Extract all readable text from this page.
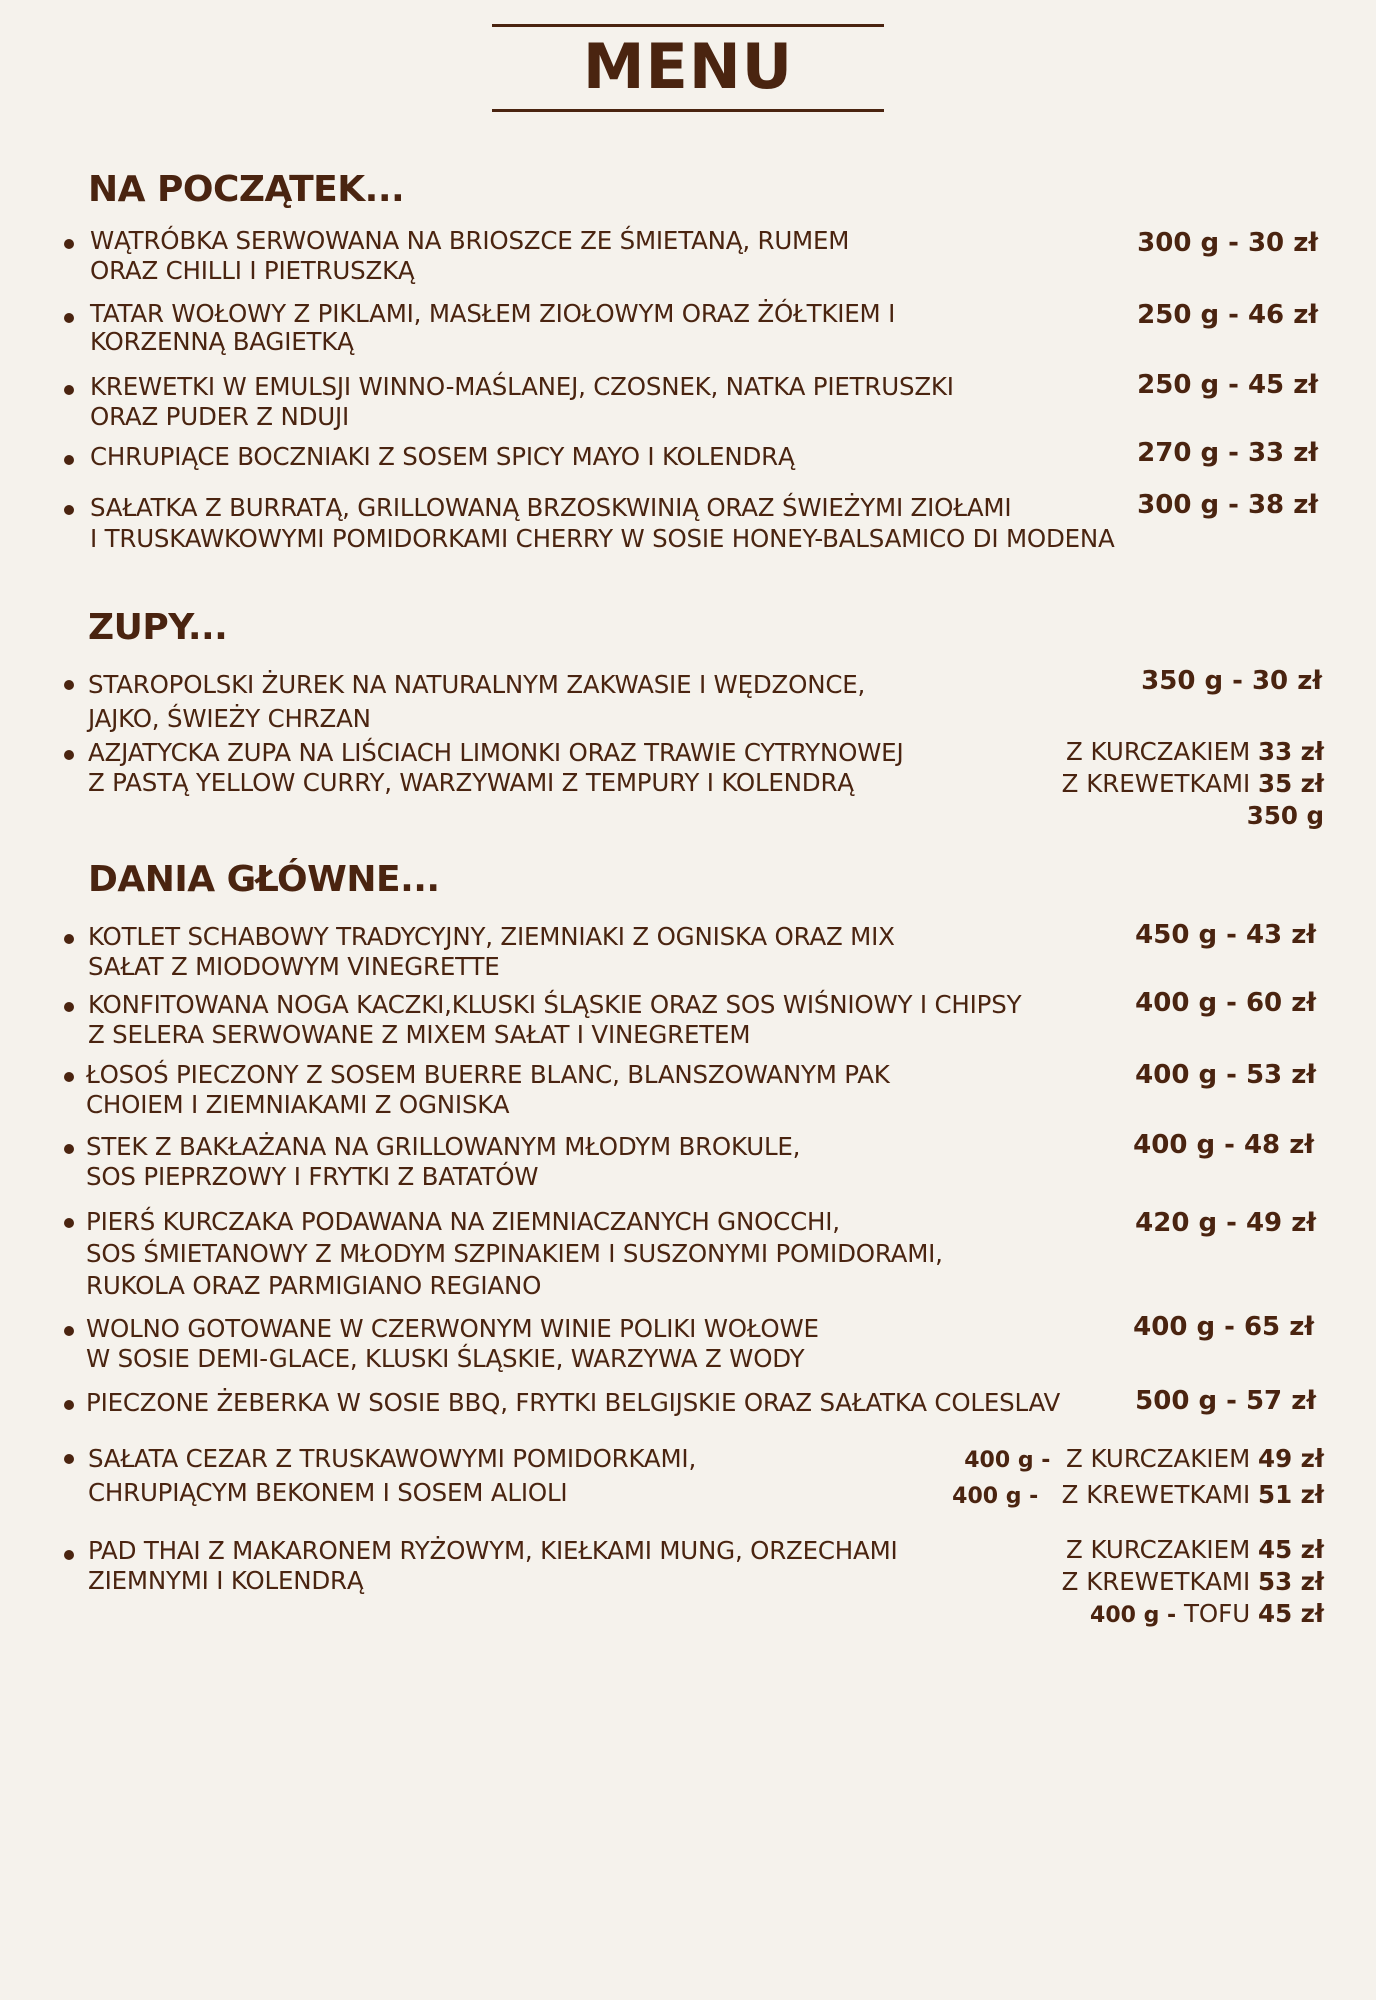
MENU
NA POCZĄTEK...
WĄTRÓBKA SERWOWANA NA BRIOSZCE ZE ŚMIETANĄ, RUMEM
ORAZ CHILLI I PIETRUSZKĄ
300 g - 30 zł
TATAR WOŁOWY Z PIKLAMI, MASŁEM ZIOŁOWYM ORAZ ŻÓŁTKIEM I
KORZENNĄ BAGIETKĄ
250 g - 46 zł
KREWETKI W EMULSJI WINNO-MAŚLANEJ, CZOSNEK, NATKA PIETRUSZKI
ORAZ PUDER Z NDUJI
250 g - 45 zł
CHRUPIĄCE BOCZNIAKI Z SOSEM SPICY MAYO I KOLENDRĄ	270 g - 33 zł
SAŁATKA Z BURRATĄ, GRILLOWANĄ BRZOSKWINIĄ ORAZ ŚWIEŻYMI ZIOŁAMI
I TRUSKAWKOWYMI POMIDORKAMI CHERRY W SOSIE HONEY-BALSAMICO DI MODENA
300 g - 38 zł
ZUPY...
STAROPOLSKI ŻUREK NA NATURALNYM ZAKWASIE I WĘDZONCE,
JAJKO, ŚWIEŻY CHRZAN
350 g - 30 zł
AZJATYCKA ZUPA NA LIŚCIACH LIMONKI ORAZ TRAWIE CYTRYNOWEJ
Z PASTĄ YELLOW CURRY, WARZYWAMI Z TEMPURY I KOLENDRĄ
Z KURCZAKIEM 33 zł
Z KREWETKAMI 35 zł
350 g
DANIA GŁÓWNE...
KOTLET SCHABOWY TRADYCYJNY, ZIEMNIAKI Z OGNISKA ORAZ MIX
SAŁAT Z MIODOWYM VINEGRETTE
450 g - 43 zł
KONFITOWANA NOGA KACZKI,KLUSKI ŚLĄSKIE ORAZ SOS WIŚNIOWY I CHIPSY
Z SELERA SERWOWANE Z MIXEM SAŁAT I VINEGRETEM
400 g - 60 zł
ŁOSOŚ PIECZONY Z SOSEM BUERRE BLANC, BLANSZOWANYM PAK
CHOIEM I ZIEMNIAKAMI Z OGNISKA
400 g - 53 zł
STEK Z BAKŁAŻANA NA GRILLOWANYM MŁODYM BROKULE,
SOS PIEPRZOWY I FRYTKI Z BATATÓW
400 g - 48 zł
PIERŚ KURCZAKA PODAWANA NA ZIEMNIACZANYCH GNOCCHI,
SOS ŚMIETANOWY Z MŁODYM SZPINAKIEM I SUSZONYMI POMIDORAMI,
RUKOLA ORAZ PARMIGIANO REGIANO
420 g - 49 zł
WOLNO GOTOWANE W CZERWONYM WINIE POLIKI WOŁOWE
W SOSIE DEMI-GLACE, KLUSKI ŚLĄSKIE, WARZYWA Z WODY
400 g - 65 zł
PIECZONE ŻEBERKA W SOSIE BBQ, FRYTKI BELGIJSKIE ORAZ SAŁATKA COLESLAV	500 g - 57 zł
SAŁATA CEZAR Z TRUSKAWOWYMI POMIDORKAMI,
CHRUPIĄCYM BEKONEM I SOSEM ALIOLI
400 g - Z KURCZAKIEM 49 zł
400 g - Z KREWETKAMI 51 zł
PAD THAI Z MAKARONEM RYŻOWYM, KIEŁKAMI MUNG, ORZECHAMI
ZIEMNYMI I KOLENDRĄ
Z KURCZAKIEM 45 zł
Z KREWETKAMI 53 zł
400 g - TOFU 45 zł
